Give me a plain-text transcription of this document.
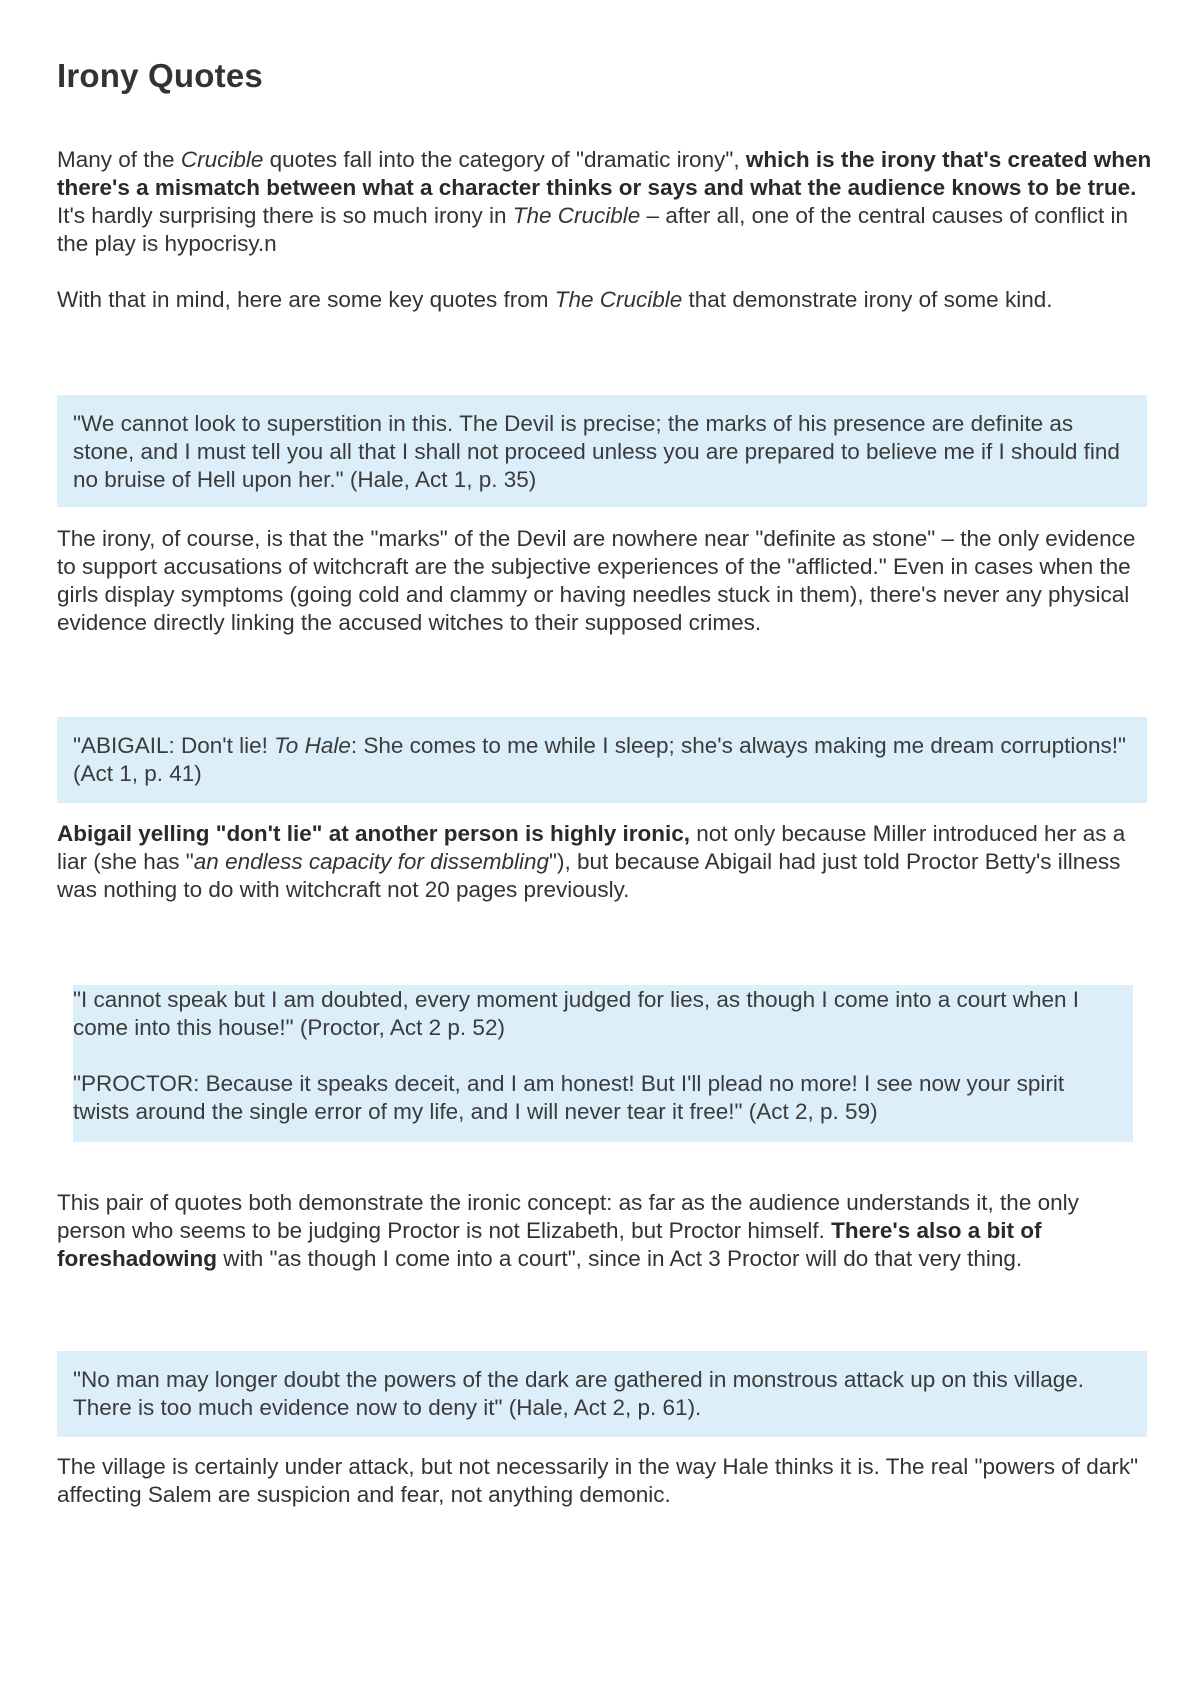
Irony Quotes

Many of the Crucible quotes fall into the category of "dramatic irony", which is the irony that's created when there's a mismatch between what a character thinks or says and what the audience knows to be true. It's hardly surprising there is so much irony in The Crucible – after all, one of the central causes of conflict in the play is hypocrisy.n

With that in mind, here are some key quotes from The Crucible that demonstrate irony of some kind.

"We cannot look to superstition in this. The Devil is precise; the marks of his presence are definite as stone, and I must tell you all that I shall not proceed unless you are prepared to believe me if I should find no bruise of Hell upon her." (Hale, Act 1, p. 35)

The irony, of course, is that the "marks" of the Devil are nowhere near "definite as stone" – the only evidence to support accusations of witchcraft are the subjective experiences of the "afflicted." Even in cases when the girls display symptoms (going cold and clammy or having needles stuck in them), there's never any physical evidence directly linking the accused witches to their supposed crimes.

"ABIGAIL: Don't lie! To Hale: She comes to me while I sleep; she's always making me dream corruptions!" (Act 1, p. 41)

Abigail yelling "don't lie" at another person is highly ironic, not only because Miller introduced her as a liar (she has "an endless capacity for dissembling"), but because Abigail had just told Proctor Betty's illness was nothing to do with witchcraft not 20 pages previously.

"I cannot speak but I am doubted, every moment judged for lies, as though I come into a court when I come into this house!" (Proctor, Act 2 p. 52)

"PROCTOR: Because it speaks deceit, and I am honest! But I'll plead no more! I see now your spirit twists around the single error of my life, and I will never tear it free!" (Act 2, p. 59)

This pair of quotes both demonstrate the ironic concept: as far as the audience understands it, the only person who seems to be judging Proctor is not Elizabeth, but Proctor himself. There's also a bit of foreshadowing with "as though I come into a court", since in Act 3 Proctor will do that very thing.

"No man may longer doubt the powers of the dark are gathered in monstrous attack up on this village. There is too much evidence now to deny it" (Hale, Act 2, p. 61).

The village is certainly under attack, but not necessarily in the way Hale thinks it is. The real "powers of dark" affecting Salem are suspicion and fear, not anything demonic.
